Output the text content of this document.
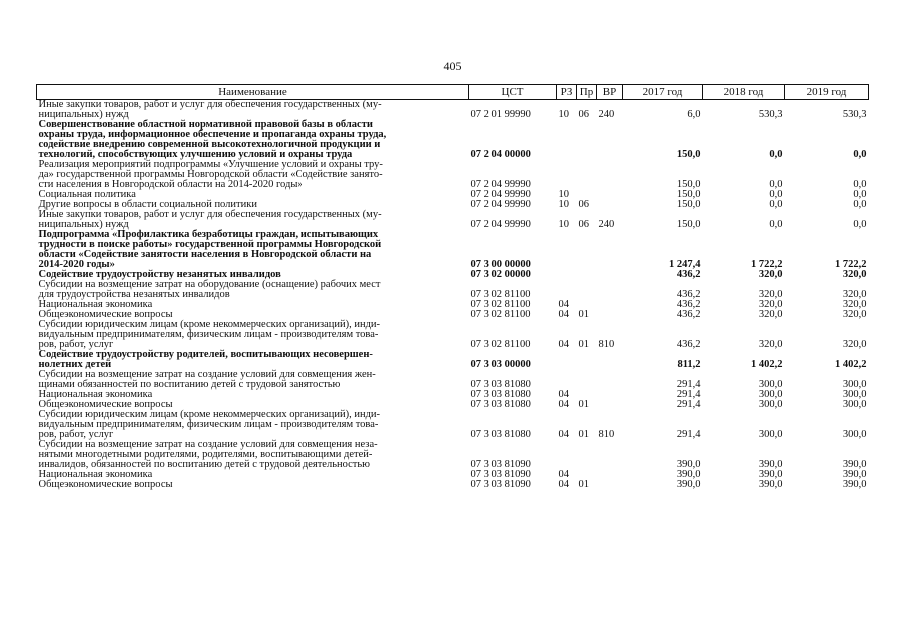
405
Наименование	ЦСТ	РЗ	Пр	ВР	2017 год	2018 год	2019 год
Иные закупки товаров, работ и услуг для обеспечения государственных (му-
ниципальных) нужд	07 2 01 99990	10	06	240	6,0	530,3	530,3
Совершенствование областной нормативной правовой базы в области
охраны труда, информационное обеспечение и пропаганда охраны труда,
содействие внедрению современной высокотехнологичной продукции и
технологий, способствующих улучшению условий и охраны труда	07 2 04 00000				150,0	0,0	0,0
Реализация мероприятий подпрограммы «Улучшение условий и охраны тру-
да» государственной программы Новгородской области «Содействие занято-
сти населения в Новгородской области на 2014-2020 годы»	07 2 04 99990				150,0	0,0	0,0
Социальная политика	07 2 04 99990	10			150,0	0,0	0,0
Другие вопросы в области социальной политики	07 2 04 99990	10	06		150,0	0,0	0,0
Иные закупки товаров, работ и услуг для обеспечения государственных (му-
ниципальных) нужд	07 2 04 99990	10	06	240	150,0	0,0	0,0
Подпрограмма «Профилактика безработицы граждан, испытывающих
трудности в поиске работы» государственной программы Новгородской
области «Содействие занятости населения в Новгородской области на
2014-2020 годы»	07 3 00 00000				1 247,4	1 722,2	1 722,2
Содействие трудоустройству незанятых инвалидов	07 3 02 00000				436,2	320,0	320,0
Субсидии на возмещение затрат на оборудование (оснащение) рабочих мест
для трудоустройства незанятых инвалидов	07 3 02 81100				436,2	320,0	320,0
Национальная экономика	07 3 02 81100	04			436,2	320,0	320,0
Общеэкономические вопросы	07 3 02 81100	04	01		436,2	320,0	320,0
Субсидии юридическим лицам (кроме некоммерческих организаций), инди-
видуальным предпринимателям, физическим лицам - производителям това-
ров, работ, услуг	07 3 02 81100	04	01	810	436,2	320,0	320,0
Содействие трудоустройству родителей, воспитывающих несовершен-
нолетних детей	07 3 03 00000				811,2	1 402,2	1 402,2
Субсидии на возмещение затрат на создание условий для совмещения жен-
щинами обязанностей по воспитанию детей с трудовой занятостью	07 3 03 81080				291,4	300,0	300,0
Национальная экономика	07 3 03 81080	04			291,4	300,0	300,0
Общеэкономические вопросы	07 3 03 81080	04	01		291,4	300,0	300,0
Субсидии юридическим лицам (кроме некоммерческих организаций), инди-
видуальным предпринимателям, физическим лицам - производителям това-
ров, работ, услуг	07 3 03 81080	04	01	810	291,4	300,0	300,0
Субсидии на возмещение затрат на создание условий для совмещения неза-
нятыми многодетными родителями, родителями, воспитывающими детей-
инвалидов, обязанностей по воспитанию детей с трудовой деятельностью	07 3 03 81090				390,0	390,0	390,0
Национальная экономика	07 3 03 81090	04			390,0	390,0	390,0
Общеэкономические вопросы	07 3 03 81090	04	01		390,0	390,0	390,0
